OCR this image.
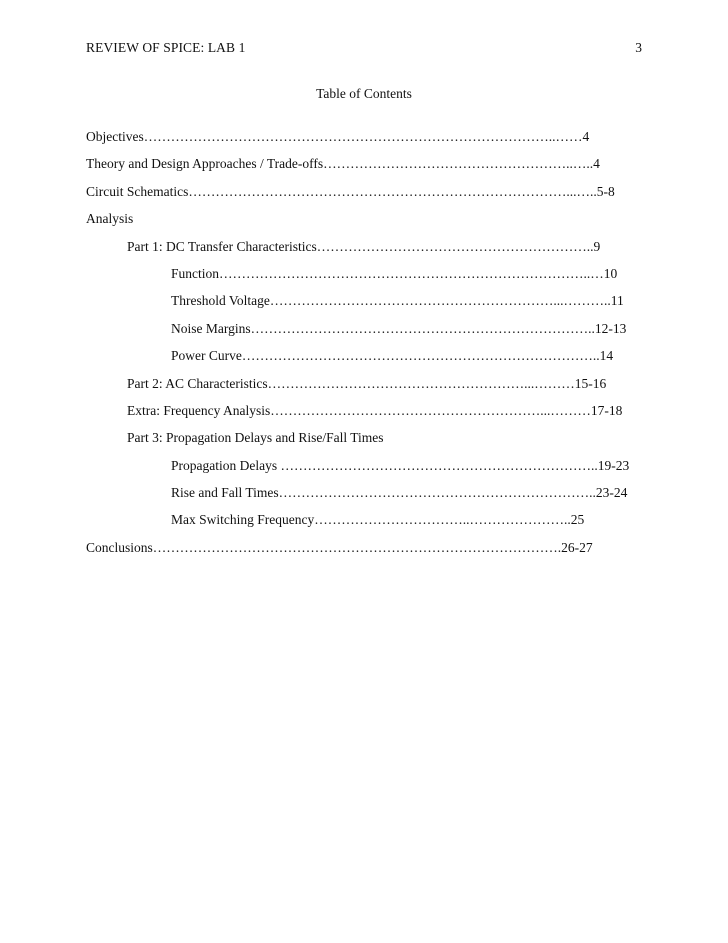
REVIEW OF SPICE: LAB 1	3
Table of Contents
Objectives………………………………………………………………………………..……4
Theory and Design Approaches / Trade-offs………………………………………………..…..4
Circuit Schematics…………………………………………………………………………...…..5-8
Analysis
Part 1: DC Transfer Characteristics……………………………………………………..9
Function………………………………………………………………………..…10
Threshold Voltage………………………………………………………...………..11
Noise Margins…………………………………………………………………..12-13
Power Curve……………………………………………………………………..14
Part 2: AC Characteristics…………………………………………………...………15-16
Extra: Frequency Analysis……………………………………………………...………17-18
Part 3: Propagation Delays and Rise/Fall Times
Propagation Delays ……………………………………………………………..19-23
Rise and Fall Times……………………………………………………………..23-24
Max Switching Frequency……………………………..…………………..25
Conclusions……………………………………………………………………………….26-27
